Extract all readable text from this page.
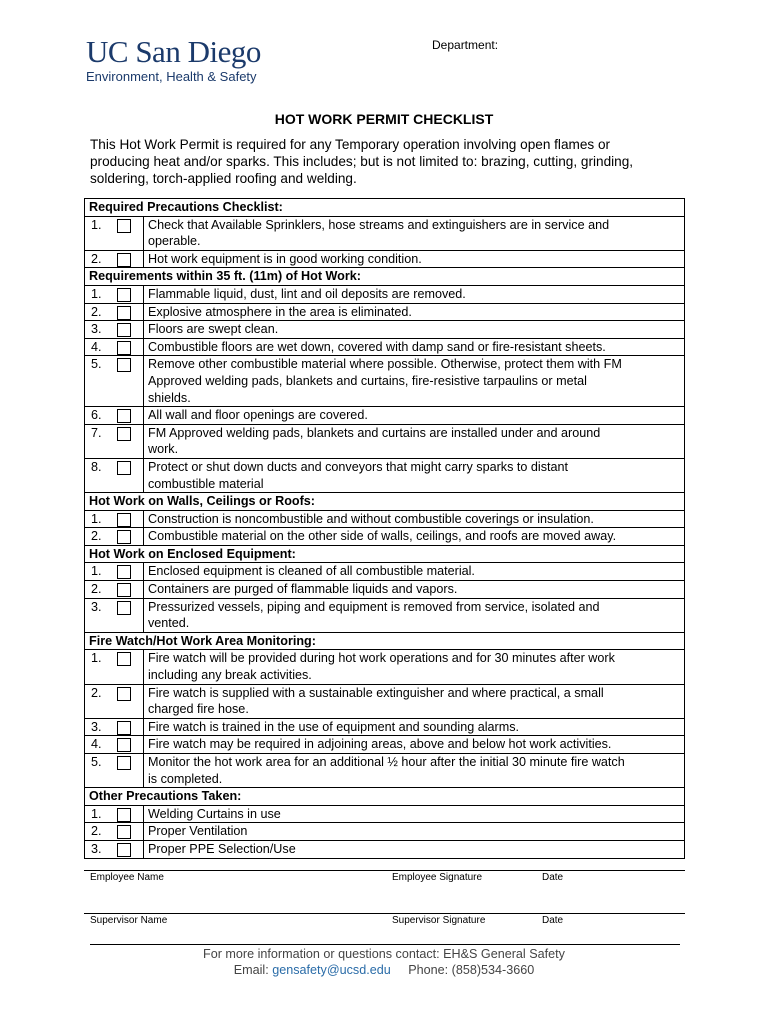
UC San Diego
Environment, Health & Safety
Department:
HOT WORK PERMIT CHECKLIST
This Hot Work Permit is required for any Temporary operation involving open flames or
producing heat and/or sparks. This includes; but is not limited to: brazing, cutting, grinding,
soldering, torch-applied roofing and welding.
Required Precautions Checklist:	
1.	Check that Available Sprinklers, hose streams and extinguishers are in service and
operable.

2.	Hot work equipment is in good working condition.

Requirements within 35 ft. (11m) of Hot Work:	
1.	Flammable liquid, dust, lint and oil deposits are removed.

2.	Explosive atmosphere in the area is eliminated.

3.	Floors are swept clean.

4.	Combustible floors are wet down, covered with damp sand or fire-resistant sheets.

5.	Remove other combustible material where possible. Otherwise, protect them with FM
Approved welding pads, blankets and curtains, fire-resistive tarpaulins or metal
shields.

6.	All wall and floor openings are covered.

7.	FM Approved welding pads, blankets and curtains are installed under and around
work.

8.	Protect or shut down ducts and conveyors that might carry sparks to distant
combustible material

Hot Work on Walls, Ceilings or Roofs:	
1.	Construction is noncombustible and without combustible coverings or insulation.

2.	Combustible material on the other side of walls, ceilings, and roofs are moved away.

Hot Work on Enclosed Equipment:	
1.	Enclosed equipment is cleaned of all combustible material.

2.	Containers are purged of flammable liquids and vapors.

3.	Pressurized vessels, piping and equipment is removed from service, isolated and
vented.

Fire Watch/Hot Work Area Monitoring:	
1.	Fire watch will be provided during hot work operations and for 30 minutes after work
including any break activities.

2.	Fire watch is supplied with a sustainable extinguisher and where practical, a small
charged fire hose.

3.	Fire watch is trained in the use of equipment and sounding alarms.

4.	Fire watch may be required in adjoining areas, above and below hot work activities.

5.	Monitor the hot work area for an additional ½ hour after the initial 30 minute fire watch
is completed.

Other Precautions Taken:	
1.	Welding Curtains in use

2.	Proper Ventilation

3.	Proper PPE Selection/Use
Employee Name	Employee Signature	Date
Supervisor Name	Supervisor Signature	Date
For more information or questions contact: EH&S General Safety
Email: gensafety@ucsd.edu Phone: (858)534-3660
